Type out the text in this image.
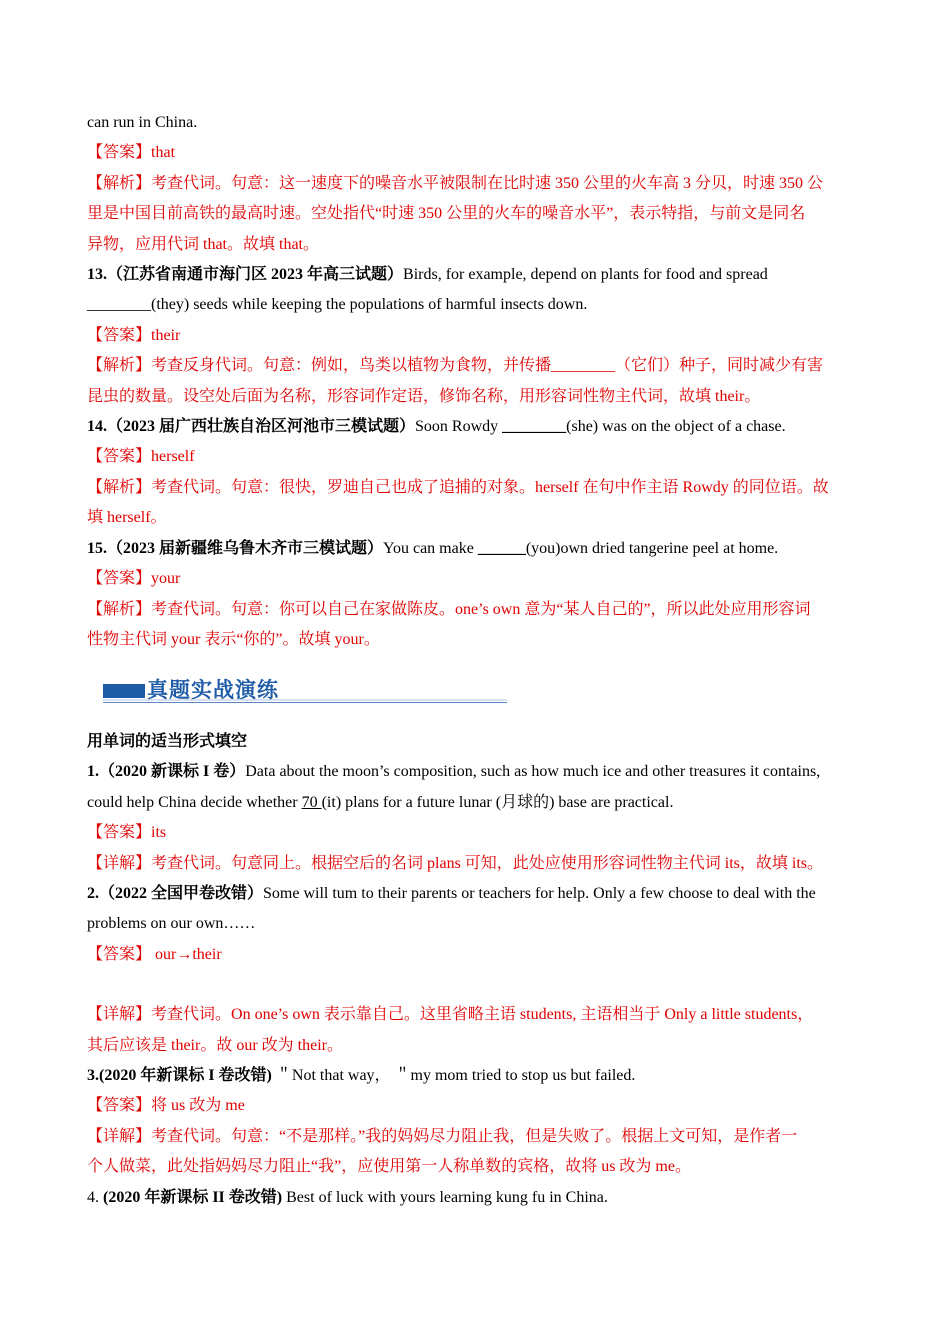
can run in China.
【答案】that
【解析】考查代词。句意：这一速度下的噪音水平被限制在比时速 350 公里的火车高 3 分贝，时速 350 公
里是中国目前高铁的最高时速。空处指代“时速 350 公里的火车的噪音水平”，表示特指，与前文是同名
异物，应用代词 that。故填 that。
13.（江苏省南通市海门区 2023 年高三试题）Birds, for example, depend on plants for food and spread
________(they) seeds while keeping the populations of harmful insects down.
【答案】their
【解析】考查反身代词。句意：例如，鸟类以植物为食物，并传播________（它们）种子，同时减少有害
昆虫的数量。设空处后面为名称，形容词作定语，修饰名称，用形容词性物主代词，故填 their。
14.（2023 届广西壮族自治区河池市三模试题）Soon Rowdy ________(she) was on the object of a chase.
【答案】herself
【解析】考查代词。句意：很快，罗迪自己也成了追捕的对象。herself 在句中作主语 Rowdy 的同位语。故
填 herself。
15.（2023 届新疆维乌鲁木齐市三模试题）You can make ______(you)own dried tangerine peel at home.
【答案】your
【解析】考查代词。句意：你可以自己在家做陈皮。one’s own 意为“某人自己的”，所以此处应用形容词
性物主代词 your 表示“你的”。故填 your。
真题实战演练
用单词的适当形式填空
1.（2020 新课标 I 卷）Data about the moon’s composition, such as how much ice and other treasures it contains,
could help China decide whether 70 (it) plans for a future lunar (月球的) base are practical.
【答案】its
【详解】考查代词。句意同上。根据空后的名词 plans 可知，此处应使用形容词性物主代词 its，故填 its。
2.（2022 全国甲卷改错）Some will tum to their parents or teachers for help. Only a few choose to deal with the
problems on our own……
【答案】 our→their
【详解】考查代词。On one’s own 表示靠自己。这里省略主语 students, 主语相当于 Only a little students，
其后应该是 their。故 our 改为 their。
3.(2020 年新课标 I 卷改错) ＂Not that way， ＂my mom tried to stop us but failed.
【答案】将 us 改为 me
【详解】考查代词。句意：“不是那样。”我的妈妈尽力阻止我，但是失败了。根据上文可知，是作者一
个人做菜，此处指妈妈尽力阻止“我”，应使用第一人称单数的宾格，故将 us 改为 me。
4. (2020 年新课标 II 卷改错) Best of luck with yours learning kung fu in China.
